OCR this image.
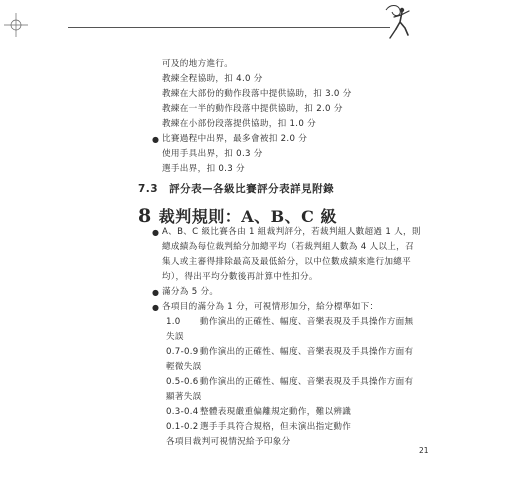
可及的地方進行。
教練全程協助，扣 4.0 分
教練在大部份的動作段落中提供協助，扣 3.0 分
教練在一半的動作段落中提供協助，扣 2.0 分
教練在小部份段落提供協助，扣 1.0 分
● 比賽過程中出界，最多會被扣 2.0 分
使用手具出界，扣 0.3 分
選手出界，扣 0.3 分
7.3　評分表—各級比賽評分表詳見附錄
8 裁判規則：A、B、C 級
● A、B、C 級比賽各由 1 組裁判評分，若裁判組人數超過 1 人，則
總成績為每位裁判給分加總平均（若裁判組人數為 4 人以上，召
集人或主審得排除最高及最低給分，以中位數成績來進行加總平
均），得出平均分數後再計算中性扣分。
● 滿分為 5 分。
● 各項目的滿分為 1 分，可視情形加分，給分標準如下：
1.0 動作演出的正確性、幅度、音樂表現及手具操作方面無
失誤
0.7-0.9動作演出的正確性、幅度、音樂表現及手具操作方面有
輕微失誤
0.5-0.6動作演出的正確性、幅度、音樂表現及手具操作方面有
顯著失誤
0.3-0.4整體表現嚴重偏離規定動作，難以辨識
0.1-0.2選手手具符合規格，但未演出指定動作
各項目裁判可視情況給予印象分
21
